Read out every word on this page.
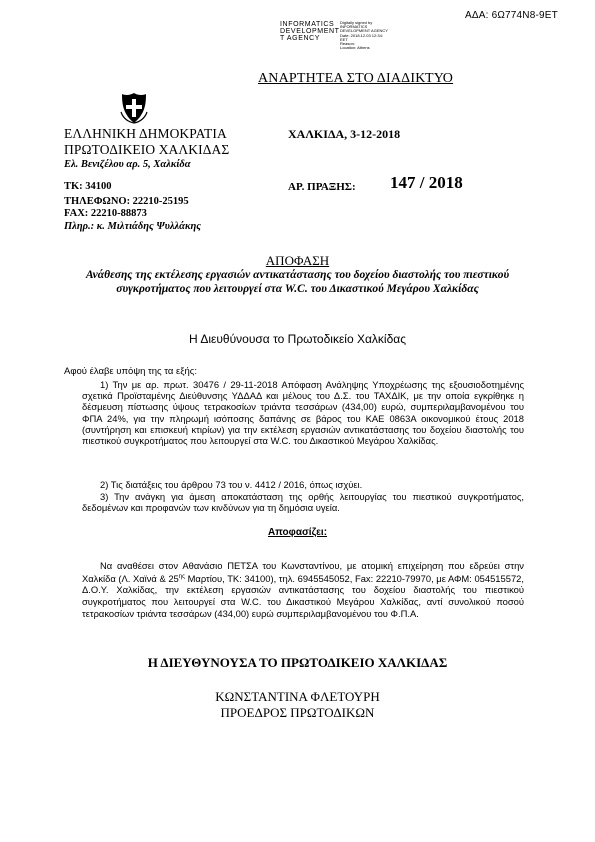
ΑΔΑ: 6Ω774Ν8-9ΕΤ
INFORMATICS
DEVELOPMENT
T AGENCY
Digitally signed by
INFORMATICS
DEVELOPMENT AGENCY
Date: 2018.12.03 12:34:
EET
Reason:
Location: Athens
ΑΝΑΡΤΗΤΕΑ ΣΤΟ ΔΙΑΔΙΚΤΥΟ
ΕΛΛΗΝΙΚΗ ΔΗΜΟΚΡΑΤΙΑ
ΠΡΩΤΟΔΙΚΕΙΟ ΧΑΛΚΙΔΑΣ
Ελ. Βενιζέλου αρ. 5, Χαλκίδα
ΧΑΛΚΙΔΑ, 3-12-2018
ΤΚ: 34100
ΤΗΛΕΦΩΝΟ: 22210-25195
FAX: 22210-88873
Πληρ.: κ. Μιλτιάδης Ψυλλάκης
ΑΡ. ΠΡΑΞΗΣ: 147 / 2018
ΑΠΟΦΑΣΗ
Ανάθεσης της εκτέλεσης εργασιών αντικατάστασης του δοχείου διαστολής του πιεστικού συγκροτήματος που λειτουργεί στα W.C. του Δικαστικού Μεγάρου Χαλκίδας
Η Διευθύνουσα το Πρωτοδικείο Χαλκίδας
Αφού έλαβε υπόψη της τα εξής:
1) Την με αρ. πρωτ. 30476 / 29-11-2018 Απόφαση Ανάληψης Υποχρέωσης της εξουσιοδοτημένης σχετικά Προϊσταμένης Διεύθυνσης ΥΔΔΑΔ και μέλους του Δ.Σ. του ΤΑΧΔΙΚ, με την οποία εγκρίθηκε η δέσμευση πίστωσης ύψους τετρακοσίων τριάντα τεσσάρων (434,00) ευρώ, συμπεριλαμβανομένου του ΦΠΑ 24%, για την πληρωμή ισόποσης δαπάνης σε βάρος του ΚΑΕ 0863Α οικονομικού έτους 2018 (συντήρηση και επισκευή κτιρίων) για την εκτέλεση εργασιών αντικατάστασης του δοχείου διαστολής του πιεστικού συγκροτήματος που λειτουργεί στα W.C. του Δικαστικού Μεγάρου Χαλκίδας.
2) Τις διατάξεις του άρθρου 73 του ν. 4412 / 2016, όπως ισχύει.
3) Την ανάγκη για άμεση αποκατάσταση της ορθής λειτουργίας του πιεστικού συγκροτήματος, δεδομένων και προφανών των κινδύνων για τη δημόσια υγεία.
Αποφασίζει:
Να αναθέσει στον Αθανάσιο ΠΕΤΣΑ του Κωνσταντίνου, με ατομική επιχείρηση που εδρεύει στην Χαλκίδα (Λ. Χαϊνά & $25^{\eta\varsigma}$ Μαρτίου, ΤΚ: 34100), τηλ. 6945545052, Fax: 22210-79970, με ΑΦΜ: 054515572, Δ.Ο.Υ. Χαλκίδας, την εκτέλεση εργασιών αντικατάστασης του δοχείου διαστολής του πιεστικού συγκροτήματος που λειτουργεί στα W.C. του Δικαστικού Μεγάρου Χαλκίδας, αντί συνολικού ποσού τετρακοσίων τριάντα τεσσάρων (434,00) ευρώ συμπεριλαμβανομένου του Φ.Π.Α.
Η ΔΙΕΥΘΥΝΟΥΣΑ ΤΟ ΠΡΩΤΟΔΙΚΕΙΟ ΧΑΛΚΙΔΑΣ
ΚΩΝΣΤΑΝΤΙΝΑ ΦΛΕΤΟΥΡΗ
ΠΡΟΕΔΡΟΣ ΠΡΩΤΟΔΙΚΩΝ
